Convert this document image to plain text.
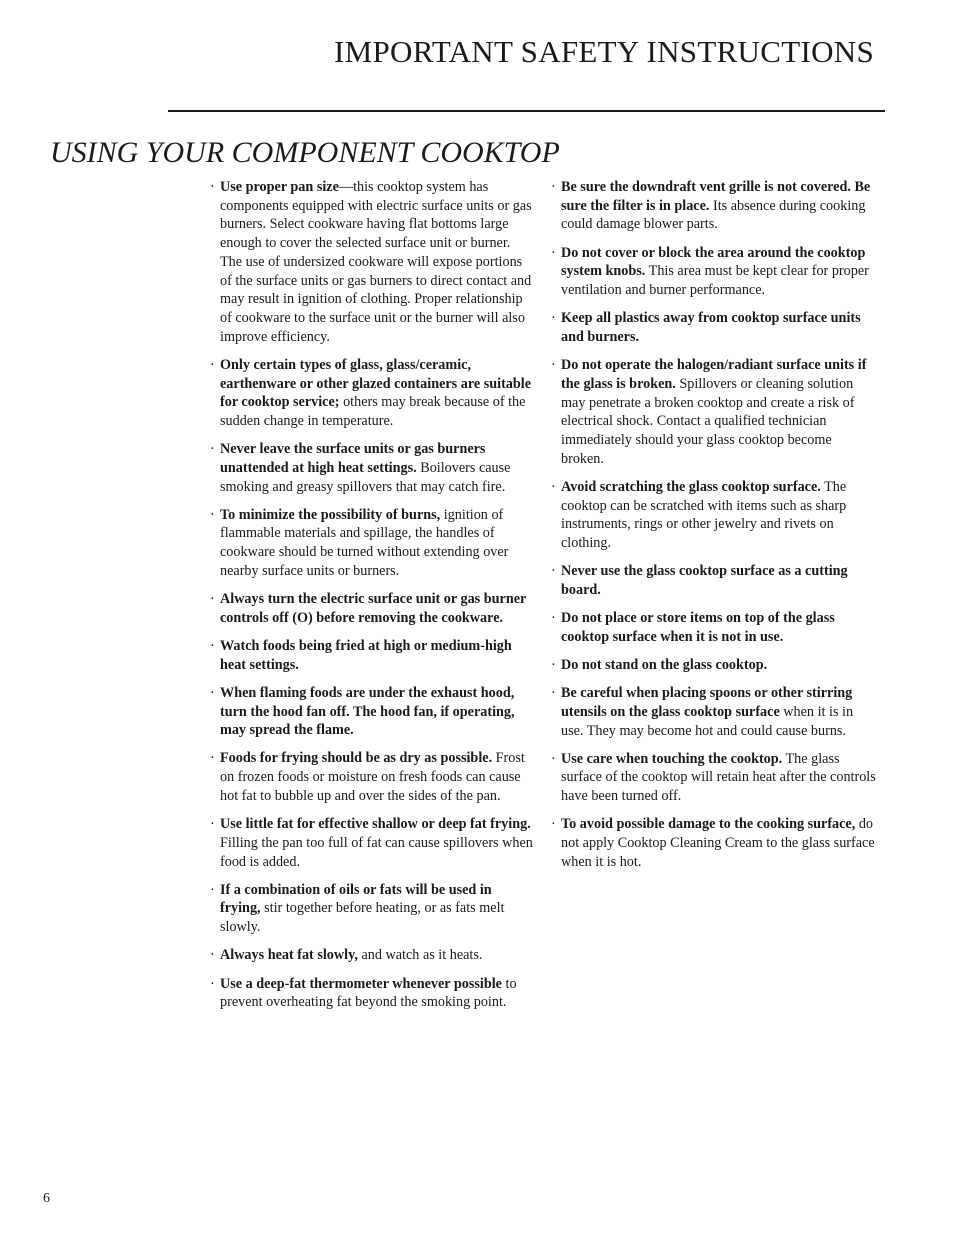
IMPORTANT SAFETY INSTRUCTIONS
USING YOUR COMPONENT COOKTOP

· Use proper pan size—this cooktop system has components equipped with electric surface units or gas burners. Select cookware having flat bottoms large enough to cover the selected surface unit or burner. The use of undersized cookware will expose portions of the surface units or gas burners to direct contact and may result in ignition of clothing. Proper relationship of cookware to the surface unit or the burner will also improve efficiency.

· Only certain types of glass, glass/ceramic, earthenware or other glazed containers are suitable for cooktop service; others may break because of the sudden change in temperature.

· Never leave the surface units or gas burners unattended at high heat settings. Boilovers cause smoking and greasy spillovers that may catch fire.

· To minimize the possibility of burns, ignition of flammable materials and spillage, the handles of cookware should be turned without extending over nearby surface units or burners.

· Always turn the electric surface unit or gas burner controls off (O) before removing the cookware.

· Watch foods being fried at high or medium-high heat settings.

· When flaming foods are under the exhaust hood, turn the hood fan off. The hood fan, if operating, may spread the flame.

· Foods for frying should be as dry as possible. Frost on frozen foods or moisture on fresh foods can cause hot fat to bubble up and over the sides of the pan.

· Use little fat for effective shallow or deep fat frying. Filling the pan too full of fat can cause spillovers when food is added.

· If a combination of oils or fats will be used in frying, stir together before heating, or as fats melt slowly.

· Always heat fat slowly, and watch as it heats.

· Use a deep-fat thermometer whenever possible to prevent overheating fat beyond the smoking point.

· Be sure the downdraft vent grille is not covered. Be sure the filter is in place. Its absence during cooking could damage blower parts.

· Do not cover or block the area around the cooktop system knobs. This area must be kept clear for proper ventilation and burner performance.

· Keep all plastics away from cooktop surface units and burners.

· Do not operate the halogen/radiant surface units if the glass is broken. Spillovers or cleaning solution may penetrate a broken cooktop and create a risk of electrical shock. Contact a qualified technician immediately should your glass cooktop become broken.

· Avoid scratching the glass cooktop surface. The cooktop can be scratched with items such as sharp instruments, rings or other jewelry and rivets on clothing.

· Never use the glass cooktop surface as a cutting board.

· Do not place or store items on top of the glass cooktop surface when it is not in use.

· Do not stand on the glass cooktop.

· Be careful when placing spoons or other stirring utensils on the glass cooktop surface when it is in use. They may become hot and could cause burns.

· Use care when touching the cooktop. The glass surface of the cooktop will retain heat after the controls have been turned off.

· To avoid possible damage to the cooking surface, do not apply Cooktop Cleaning Cream to the glass surface when it is hot.

6
